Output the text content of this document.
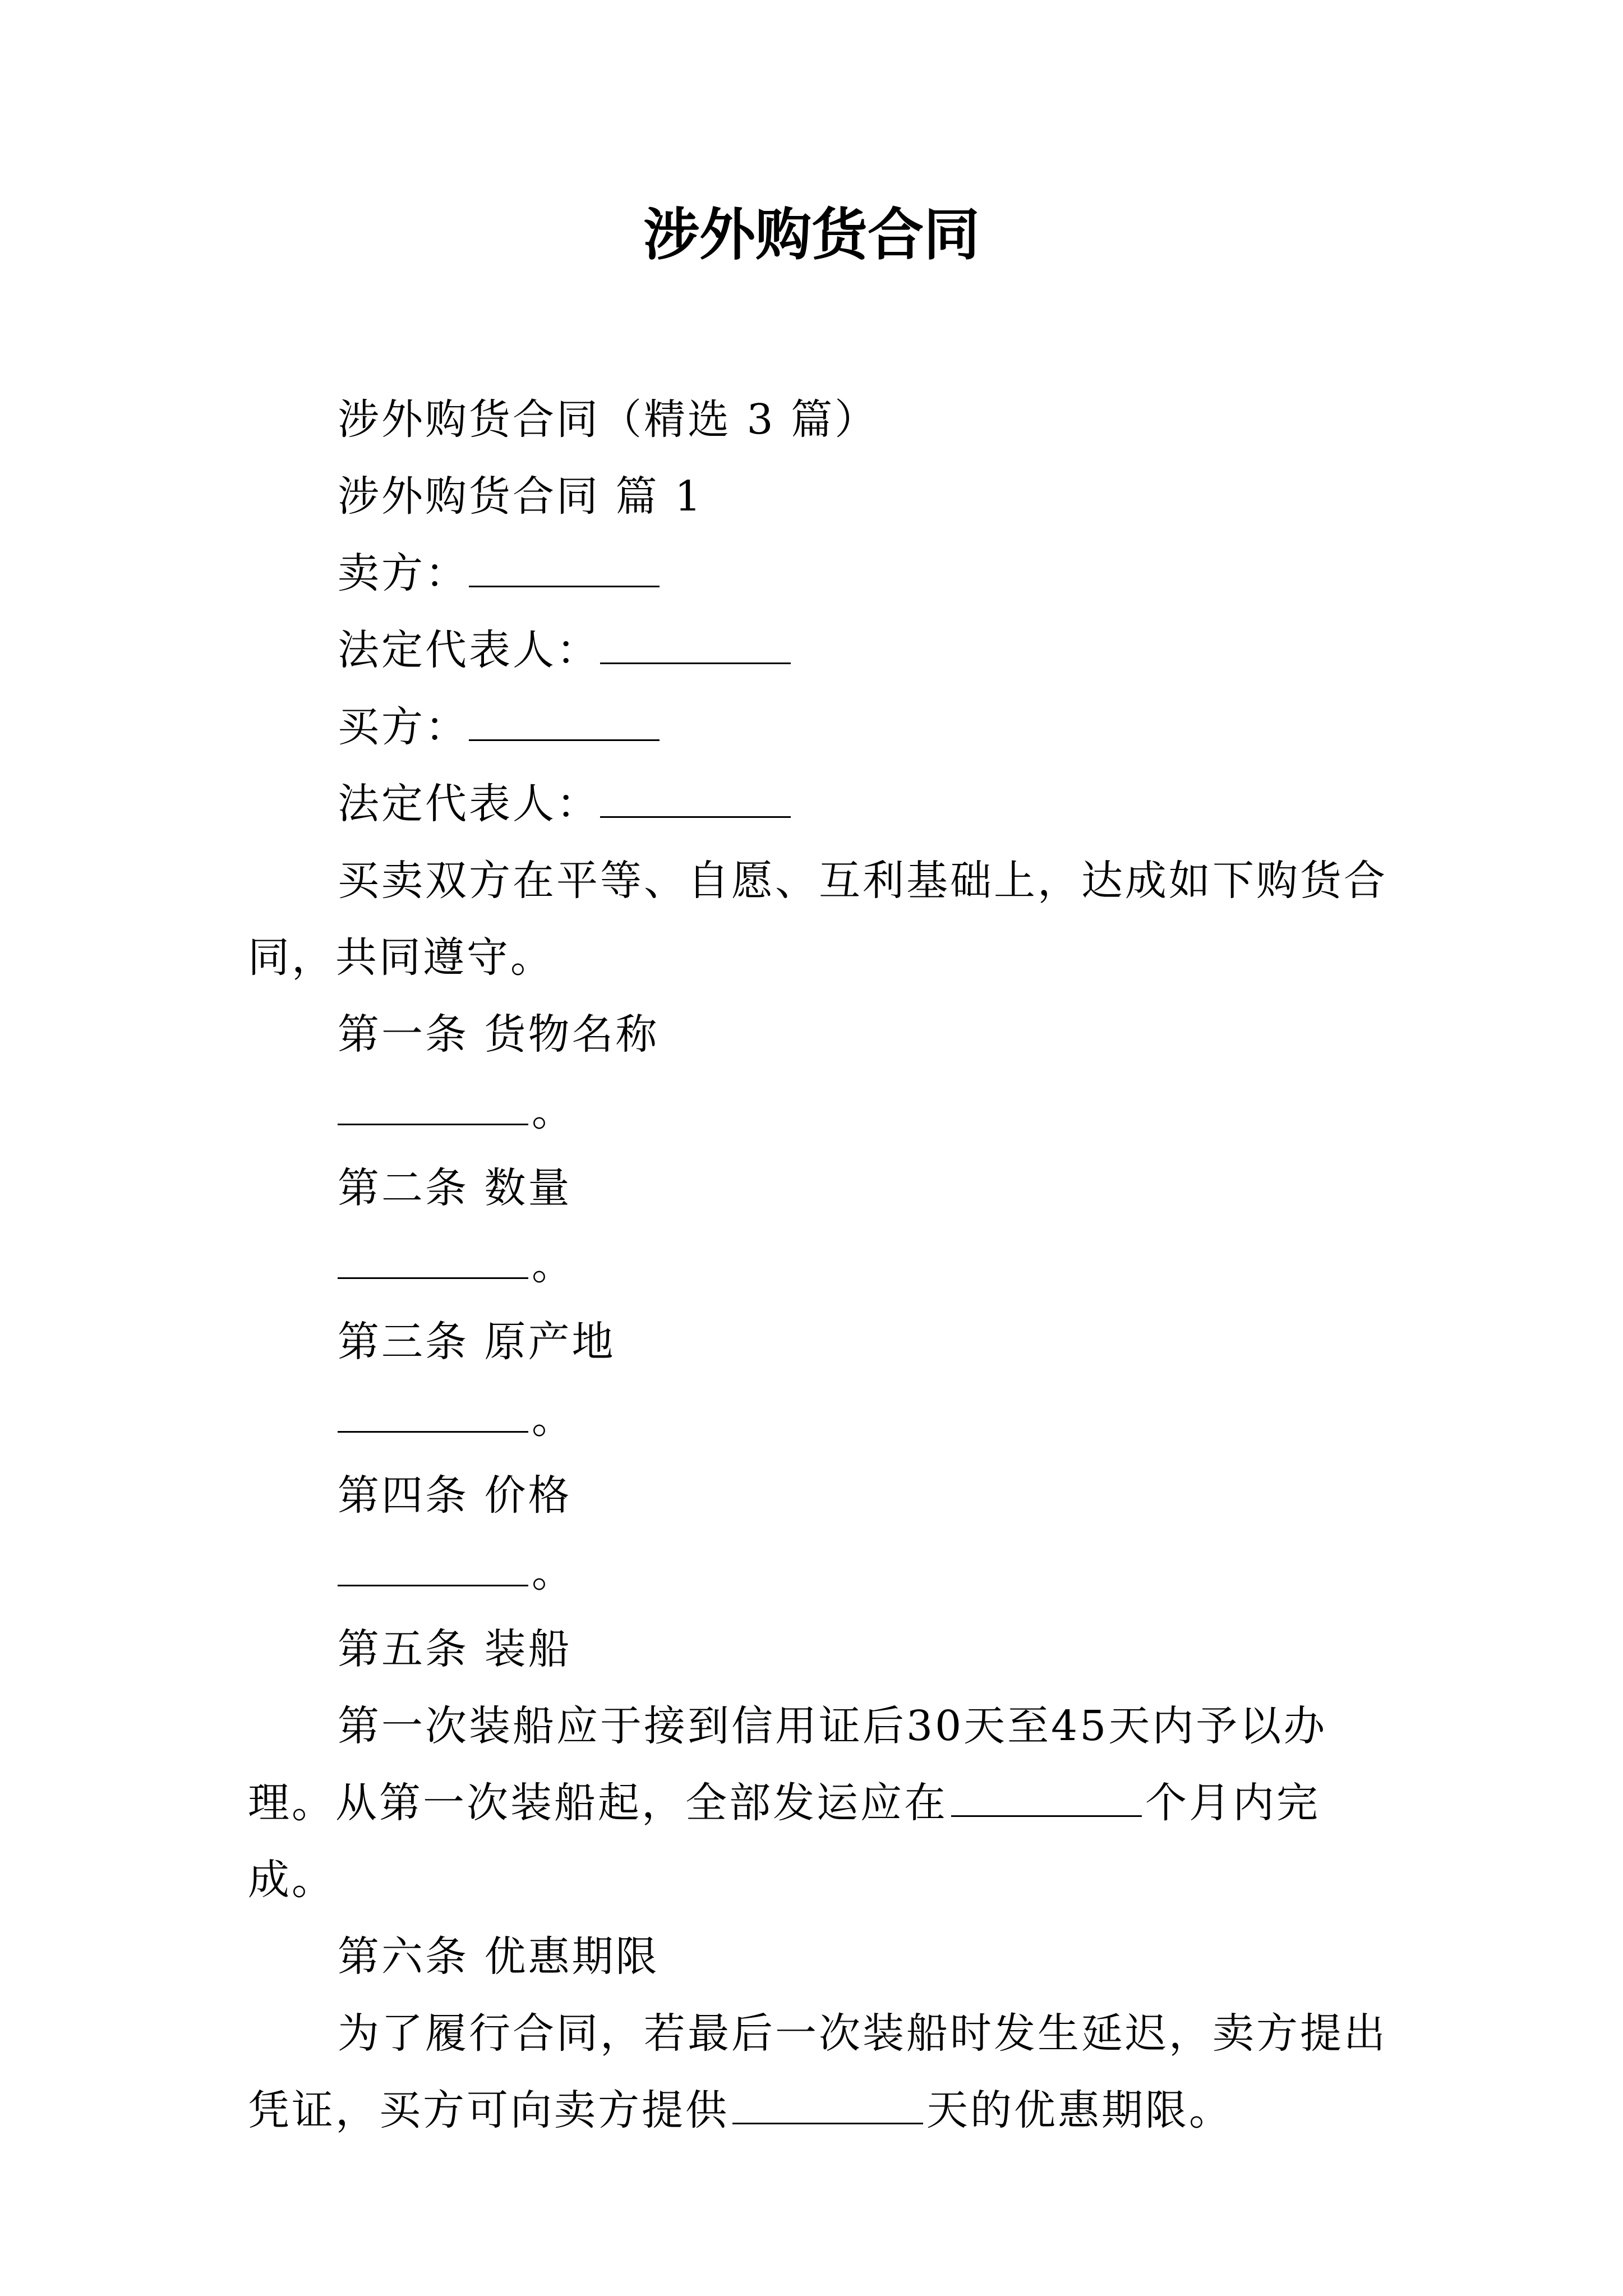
涉外购货合同

涉外购货合同（精选 3 篇）

涉外购货合同 篇 1

卖方：

法定代表人：

买方：

法定代表人：

买卖双方在平等、自愿、互利基础上，达成如下购货合同，共同遵守。

第一条 货物名称

。

第二条 数量

。

第三条 原产地

。

第四条 价格

。

第五条 装船

第一次装船应于接到信用证后30天至45天内予以办理。从第一次装船起，全部发运应在	个月内完成。

第六条 优惠期限

为了履行合同，若最后一次装船时发生延迟，卖方提出凭证，买方可向卖方提供	天的优惠期限。
